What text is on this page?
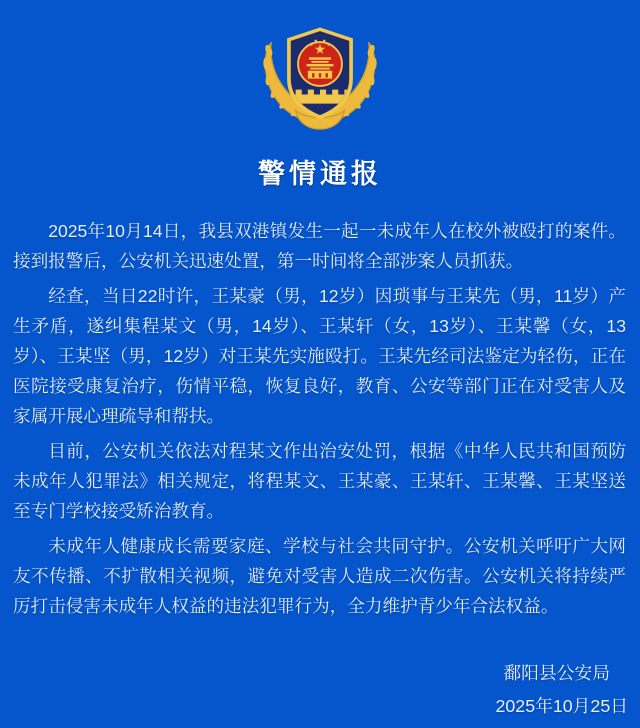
警情通报

2025年10月14日，我县双港镇发生一起一未成年人在校外被殴打的案件。接到报警后，公安机关迅速处置，第一时间将全部涉案人员抓获。

经查，当日22时许，王某豪（男，12岁）因琐事与王某先（男，11岁）产生矛盾，遂纠集程某文（男，14岁）、王某轩（女，13岁）、王某馨（女，13岁）、王某坚（男，12岁）对王某先实施殴打。王某先经司法鉴定为轻伤，正在医院接受康复治疗，伤情平稳，恢复良好，教育、公安等部门正在对受害人及家属开展心理疏导和帮扶。

目前，公安机关依法对程某文作出治安处罚，根据《中华人民共和国预防未成年人犯罪法》相关规定，将程某文、王某豪、王某轩、王某馨、王某坚送至专门学校接受矫治教育。

未成年人健康成长需要家庭、学校与社会共同守护。公安机关呼吁广大网友不传播、不扩散相关视频，避免对受害人造成二次伤害。公安机关将持续严厉打击侵害未成年人权益的违法犯罪行为，全力维护青少年合法权益。

鄱阳县公安局
2025年10月25日
